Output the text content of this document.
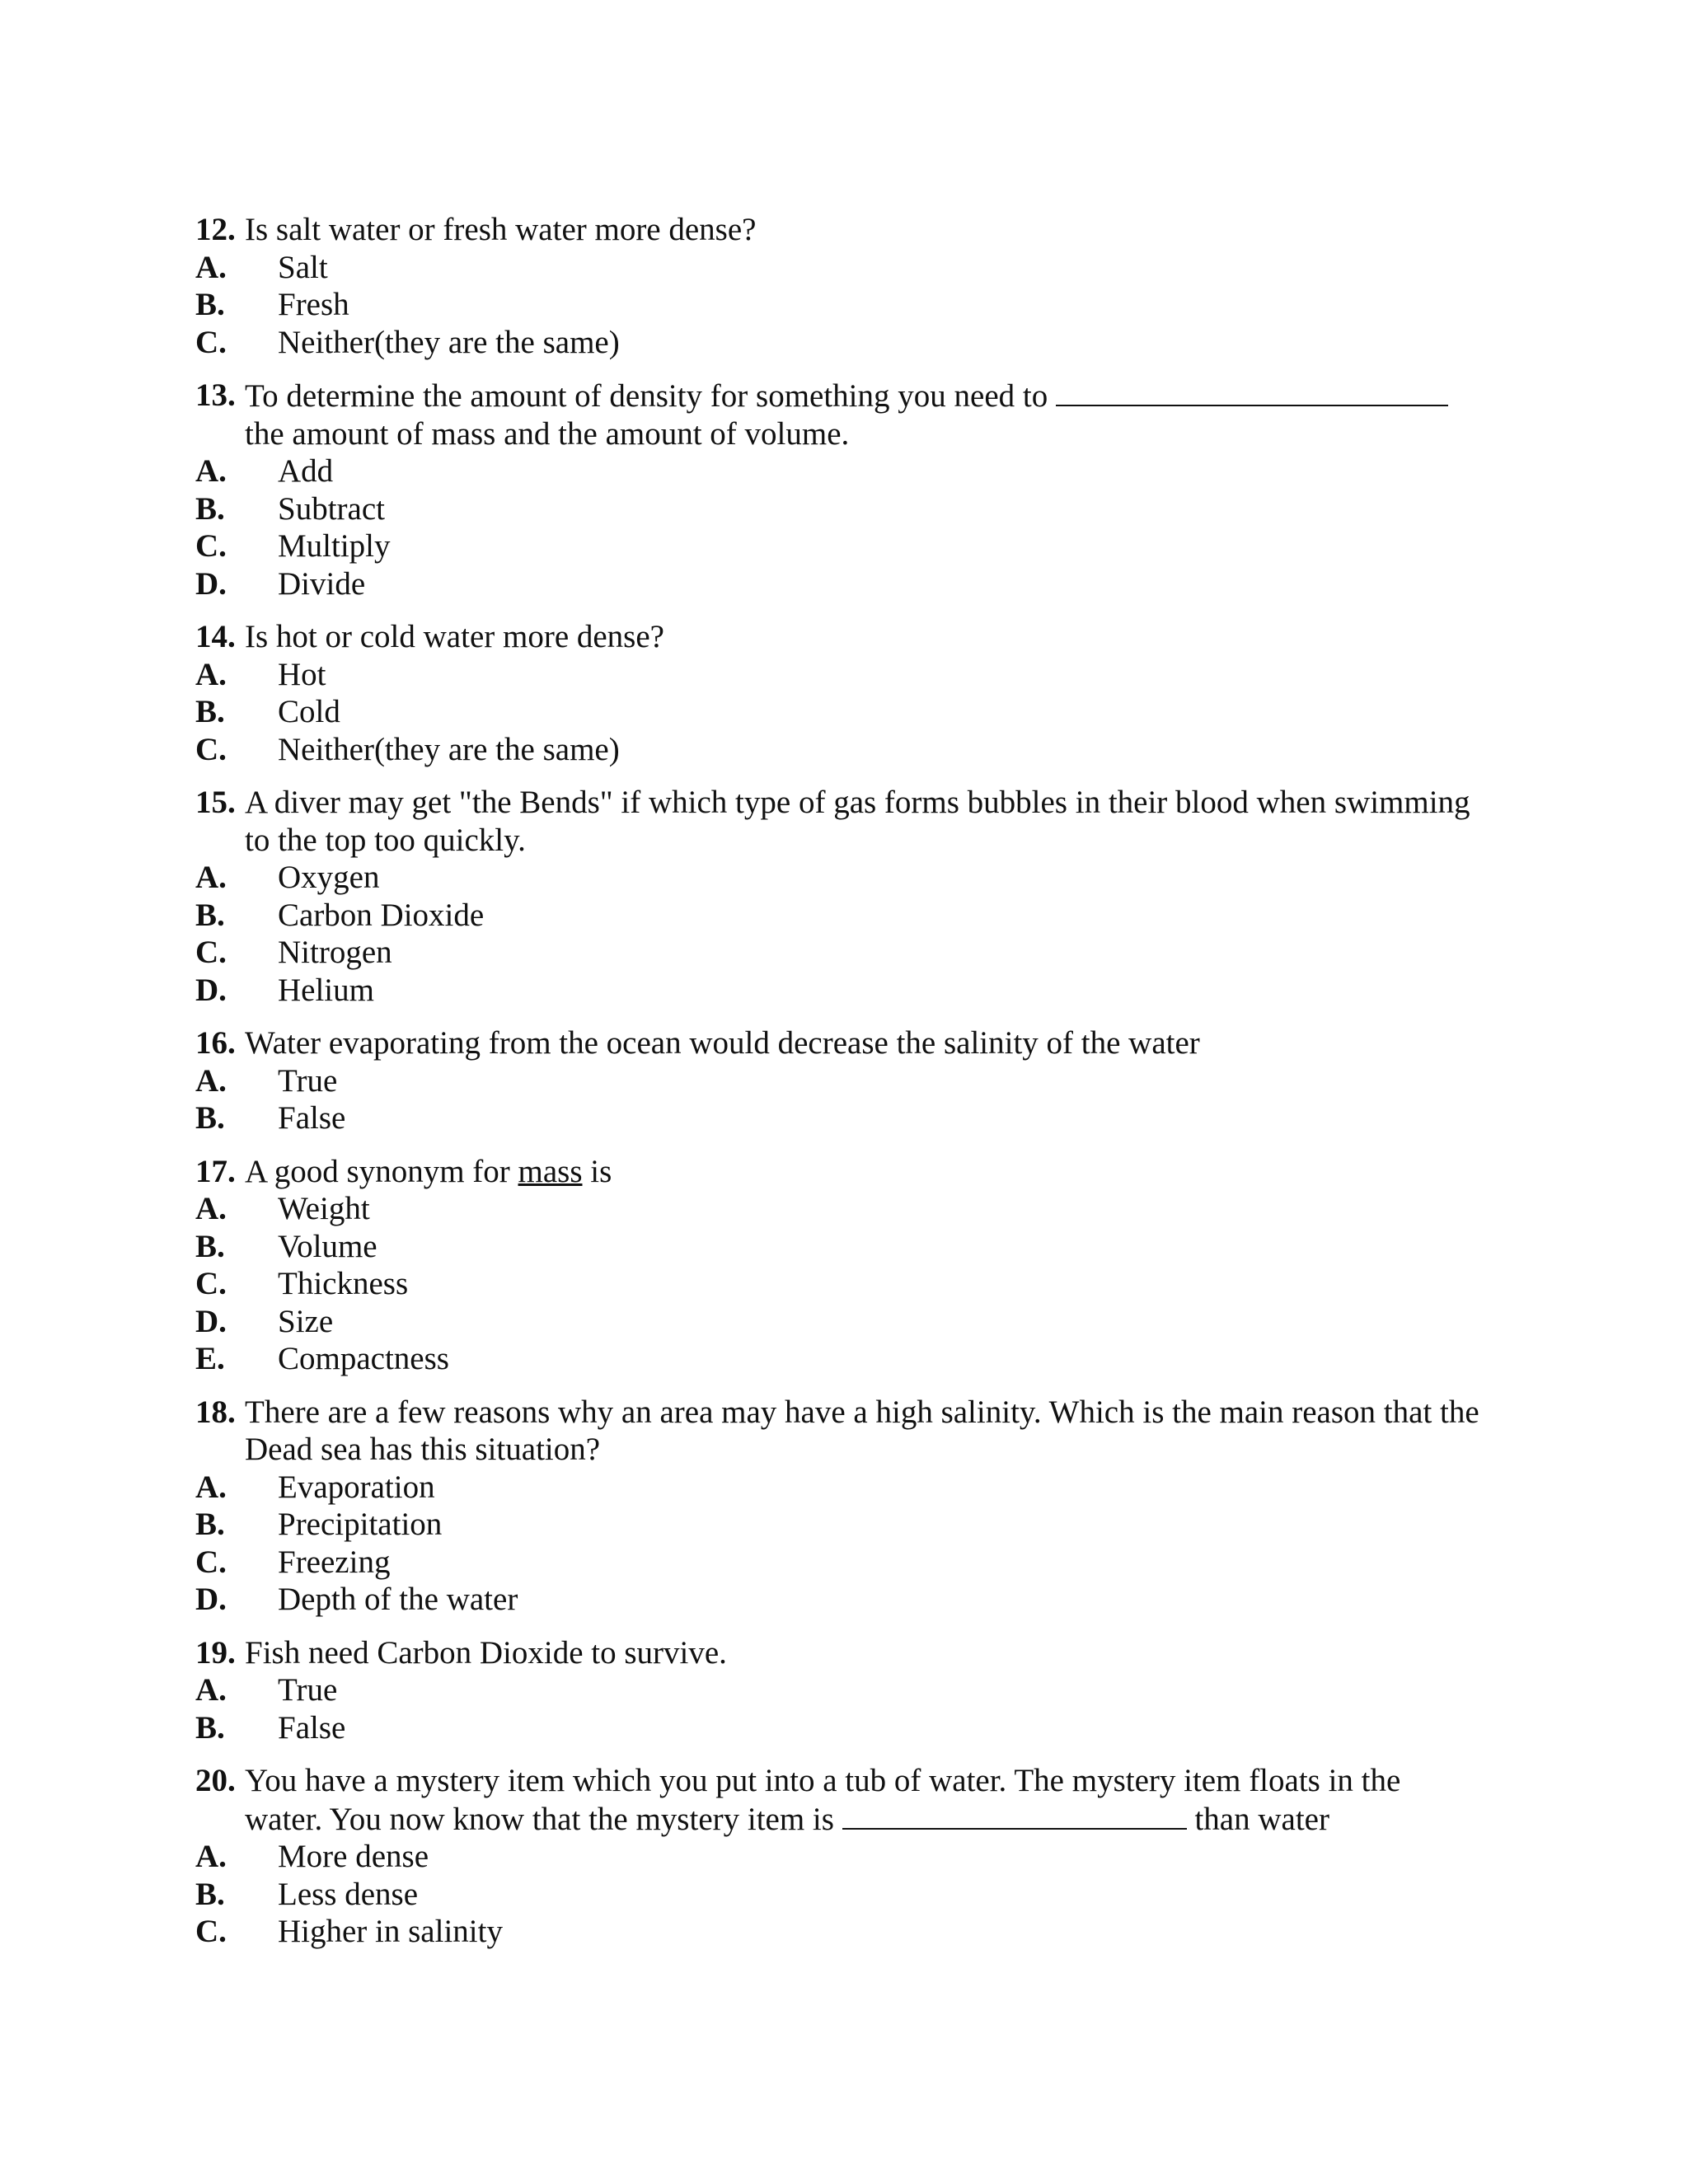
12. Is salt water or fresh water more dense?
A. Salt
B. Fresh
C. Neither(they are the same)
13. To determine the amount of density for something you need to  the amount of mass and the amount of volume.
A. Add
B. Subtract
C. Multiply
D. Divide
14. Is hot or cold water more dense?
A. Hot
B. Cold
C. Neither(they are the same)
15. A diver may get "the Bends" if which type of gas forms bubbles in their blood when swimming to the top too quickly.
A. Oxygen
B. Carbon Dioxide
C. Nitrogen
D. Helium
16. Water evaporating from the ocean would decrease the salinity of the water
A. True
B. False
17. A good synonym for mass is
A. Weight
B. Volume
C. Thickness
D. Size
E. Compactness
18. There are a few reasons why an area may have a high salinity. Which is the main reason that the Dead sea has this situation?
A. Evaporation
B. Precipitation
C. Freezing
D. Depth of the water
19. Fish need Carbon Dioxide to survive.
A. True
B. False
20. You have a mystery item which you put into a tub of water. The mystery item floats in the water. You now know that the mystery item is	than water
A. More dense
B. Less dense
C. Higher in salinity
